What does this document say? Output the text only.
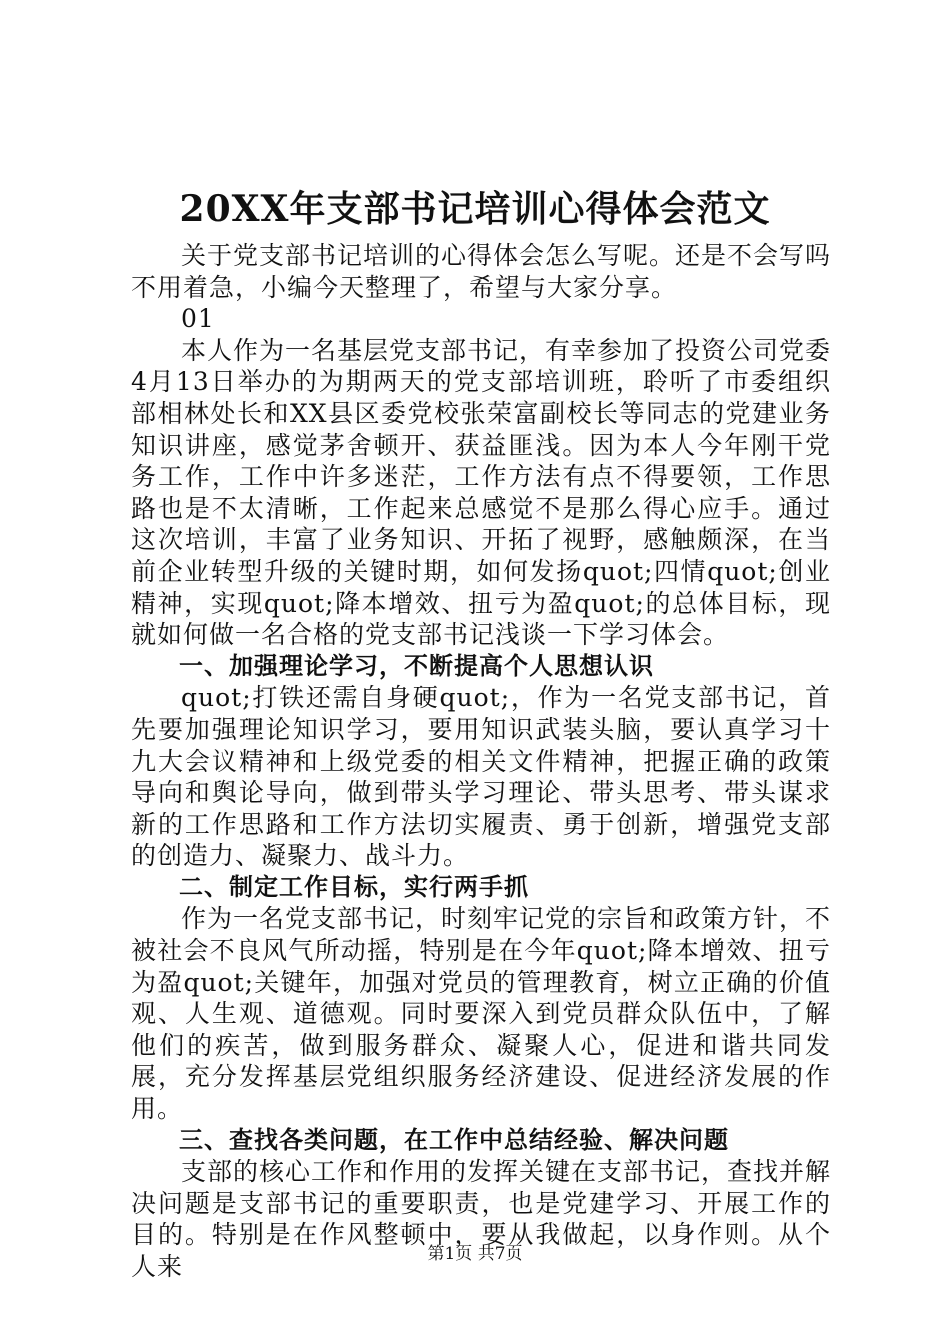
20XX年支部书记培训心得体会范文

关于党支部书记培训的心得体会怎么写呢。还是不会写吗不用着急，小编今天整理了，希望与大家分享。

01

本人作为一名基层党支部书记，有幸参加了投资公司党委4月13日举办的为期两天的党支部培训班，聆听了市委组织部相林处长和XX县区委党校张荣富副校长等同志的党建业务知识讲座，感觉茅舍顿开、获益匪浅。因为本人今年刚干党务工作，工作中许多迷茫，工作方法有点不得要领，工作思路也是不太清晰，工作起来总感觉不是那么得心应手。通过这次培训，丰富了业务知识、开拓了视野，感触颇深，在当前企业转型升级的关键时期，如何发扬quot;四情quot;创业精神，实现quot;降本增效、扭亏为盈quot;的总体目标，现就如何做一名合格的党支部书记浅谈一下学习体会。

一、加强理论学习，不断提高个人思想认识

quot;打铁还需自身硬quot;，作为一名党支部书记，首先要加强理论知识学习，要用知识武装头脑，要认真学习十九大会议精神和上级党委的相关文件精神，把握正确的政策导向和舆论导向，做到带头学习理论、带头思考、带头谋求新的工作思路和工作方法切实履责、勇于创新，增强党支部的创造力、凝聚力、战斗力。

二、制定工作目标，实行两手抓

作为一名党支部书记，时刻牢记党的宗旨和政策方针，不被社会不良风气所动摇，特别是在今年quot;降本增效、扭亏为盈quot;关键年，加强对党员的管理教育，树立正确的价值观、人生观、道德观。同时要深入到党员群众队伍中，了解他们的疾苦，做到服务群众、凝聚人心，促进和谐共同发展，充分发挥基层党组织服务经济建设、促进经济发展的作用。

三、查找各类问题，在工作中总结经验、解决问题

支部的核心工作和作用的发挥关键在支部书记，查找并解决问题是支部书记的重要职责，也是党建学习、开展工作的目的。特别是在作风整顿中，要从我做起，以身作则。从个人来	第1页 共7页
